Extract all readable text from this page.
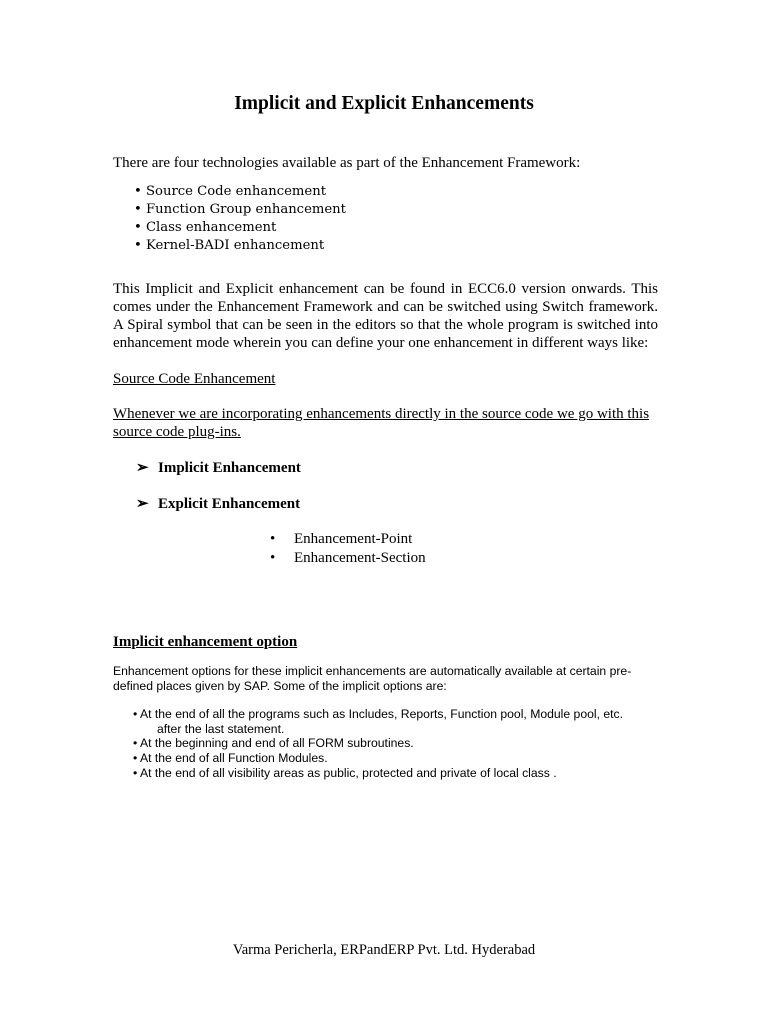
Implicit and Explicit Enhancements
There are four technologies available as part of the Enhancement Framework:
• Source Code enhancement
• Function Group enhancement
• Class enhancement
• Kernel-BADI enhancement
This Implicit and Explicit enhancement can be found in ECC6.0 version onwards. This comes under the Enhancement Framework and can be switched using Switch framework. A Spiral symbol that can be seen in the editors so that the whole program is switched into enhancement mode wherein you can define your one enhancement in different ways like:
Source Code Enhancement
Whenever we are incorporating enhancements directly in the source code we go with this source code plug-ins.
➢ Implicit Enhancement
➢ Explicit Enhancement
• Enhancement-Point
• Enhancement-Section
Implicit enhancement option
Enhancement options for these implicit enhancements are automatically available at certain pre-defined places given by SAP. Some of the implicit options are:
• At the end of all the programs such as Includes, Reports, Function pool, Module pool, etc.
after the last statement.
• At the beginning and end of all FORM subroutines.
• At the end of all Function Modules.
• At the end of all visibility areas as public, protected and private of local class .
Varma Pericherla, ERPandERP Pvt. Ltd. Hyderabad
